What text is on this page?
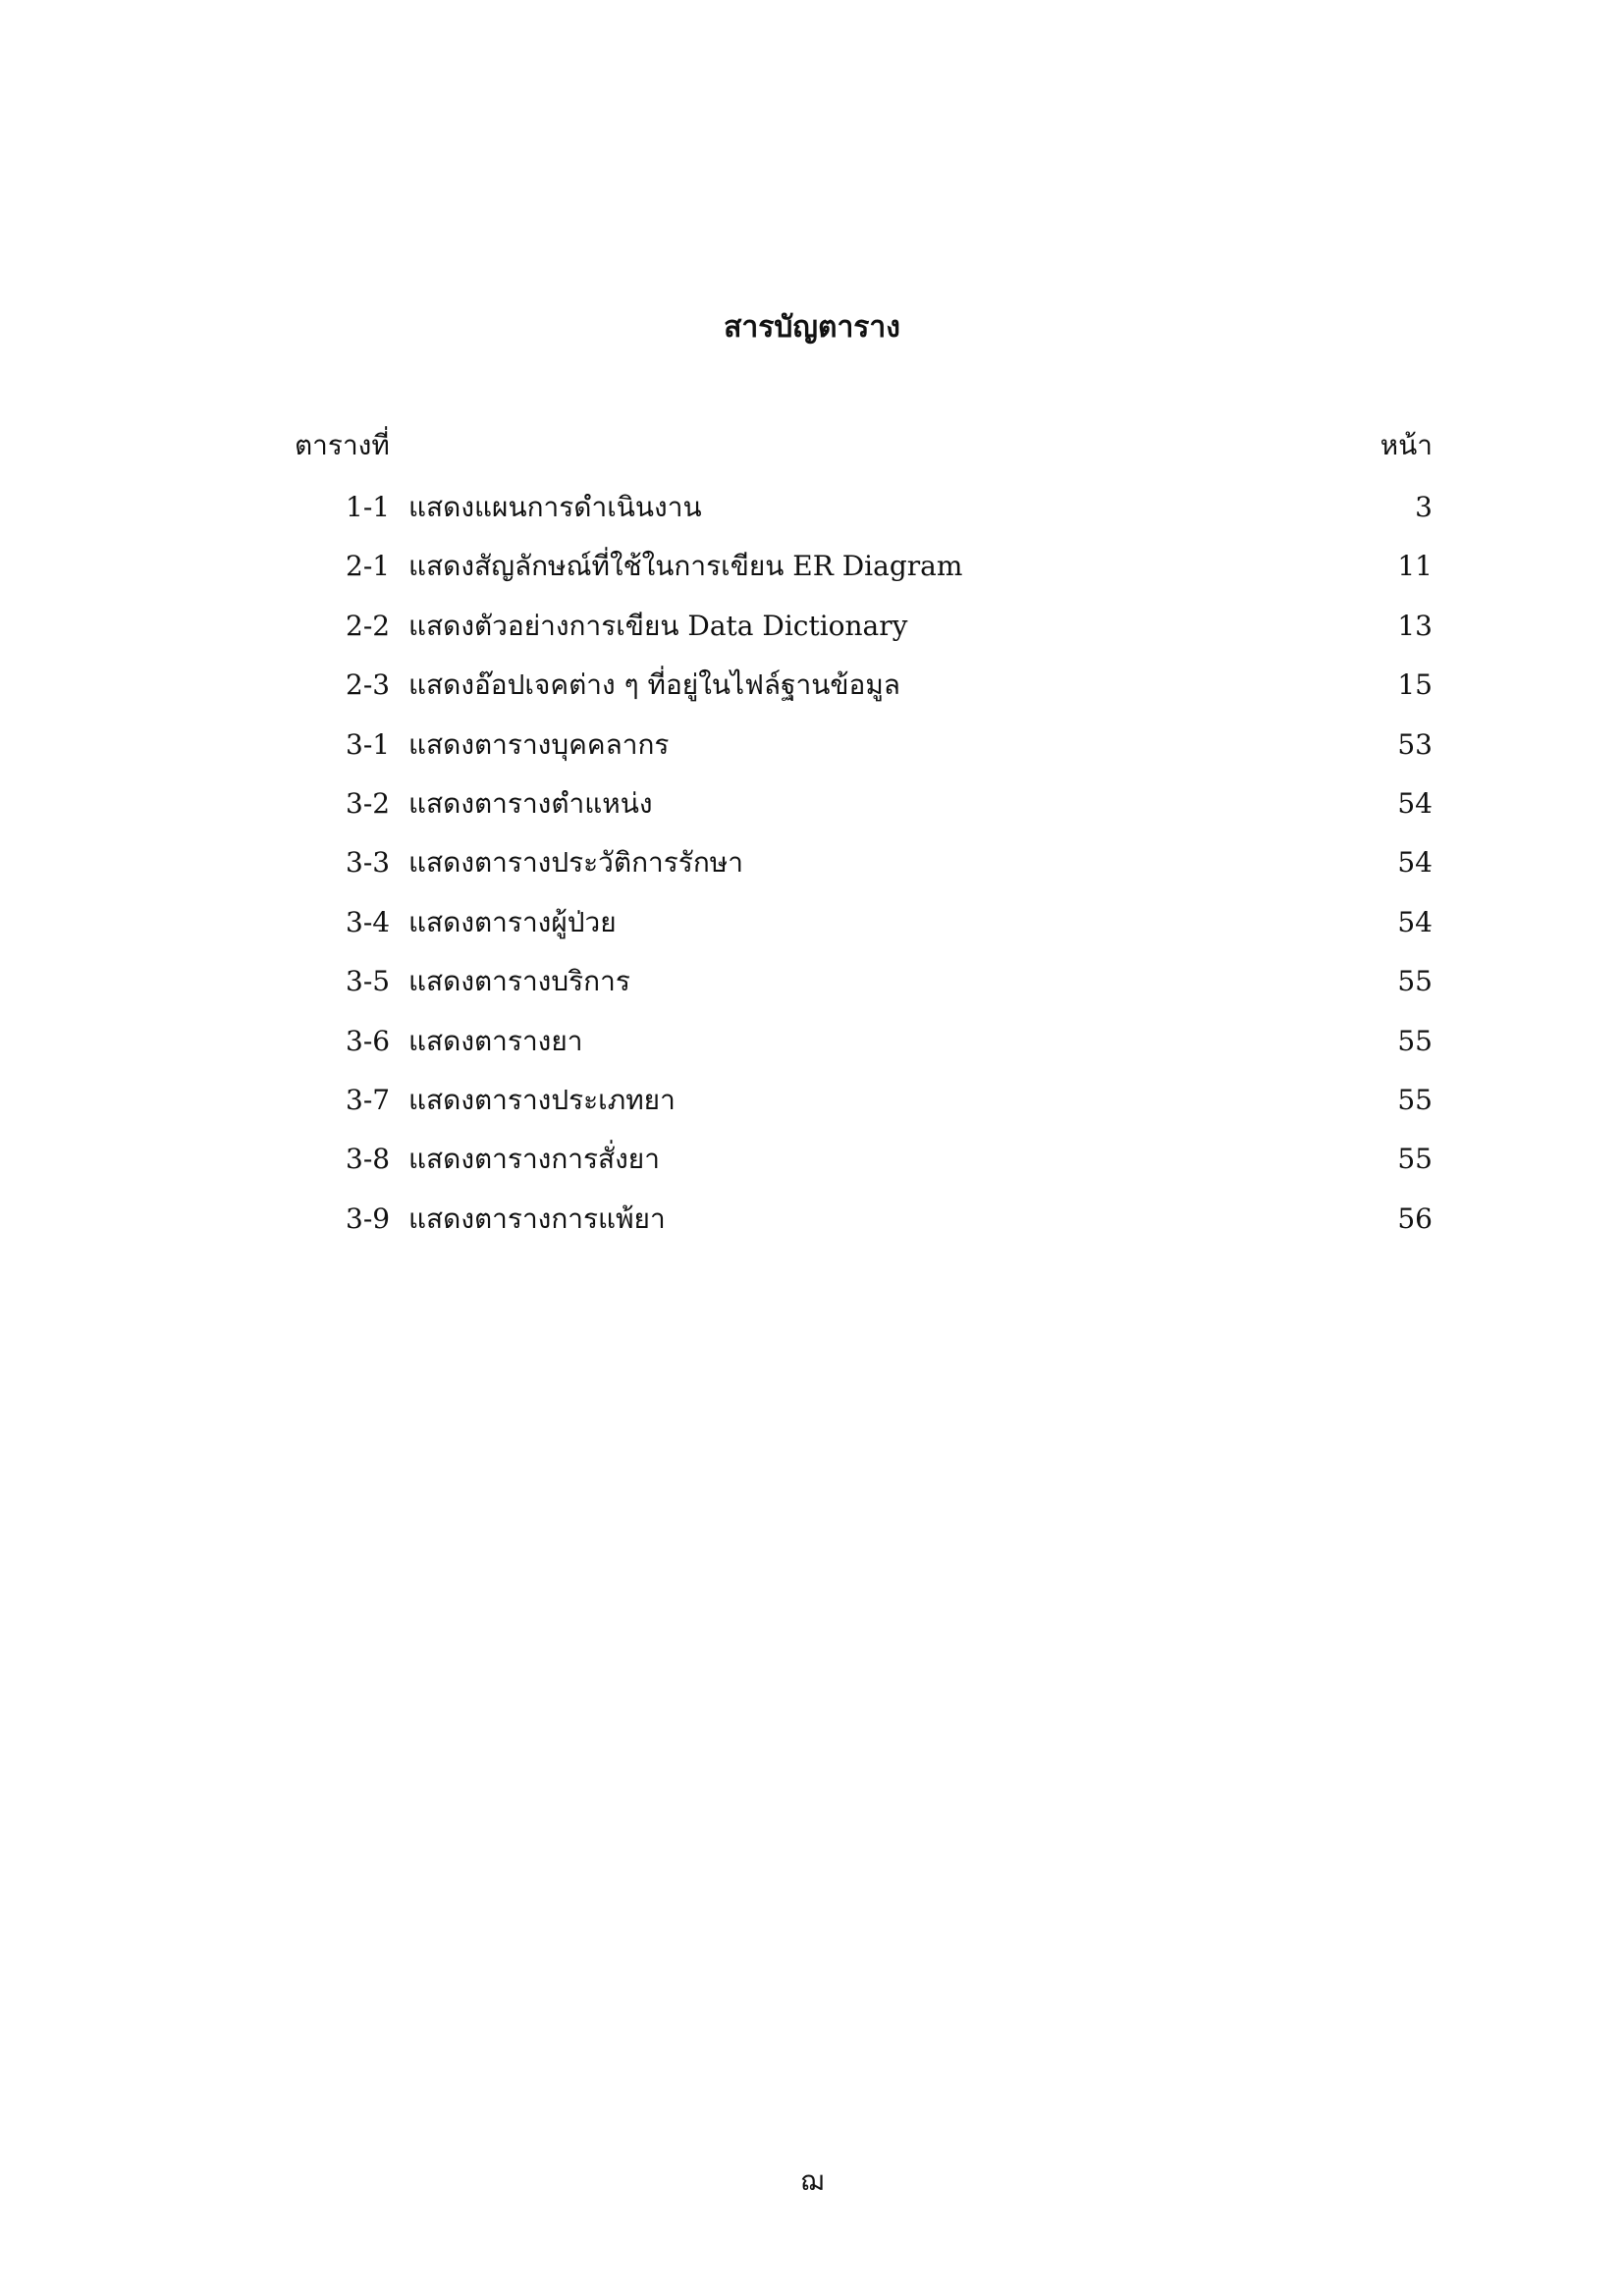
สารบัญตาราง
ตารางที่	หน้า
1-1 แสดงแผนการดำเนินงาน	3
2-1 แสดงสัญลักษณ์ที่ใช้ในการเขียน ER Diagram	11
2-2 แสดงตัวอย่างการเขียน Data Dictionary	13
2-3 แสดงอ๊อปเจคต่าง ๆ ที่อยู่ในไฟล์ฐานข้อมูล	15
3-1 แสดงตารางบุคคลากร	53
3-2 แสดงตารางตำแหน่ง	54
3-3 แสดงตารางประวัติการรักษา	54
3-4 แสดงตารางผู้ป่วย	54
3-5 แสดงตารางบริการ	55
3-6 แสดงตารางยา	55
3-7 แสดงตารางประเภทยา	55
3-8 แสดงตารางการสั่งยา	55
3-9 แสดงตารางการแพ้ยา	56
ฌ
